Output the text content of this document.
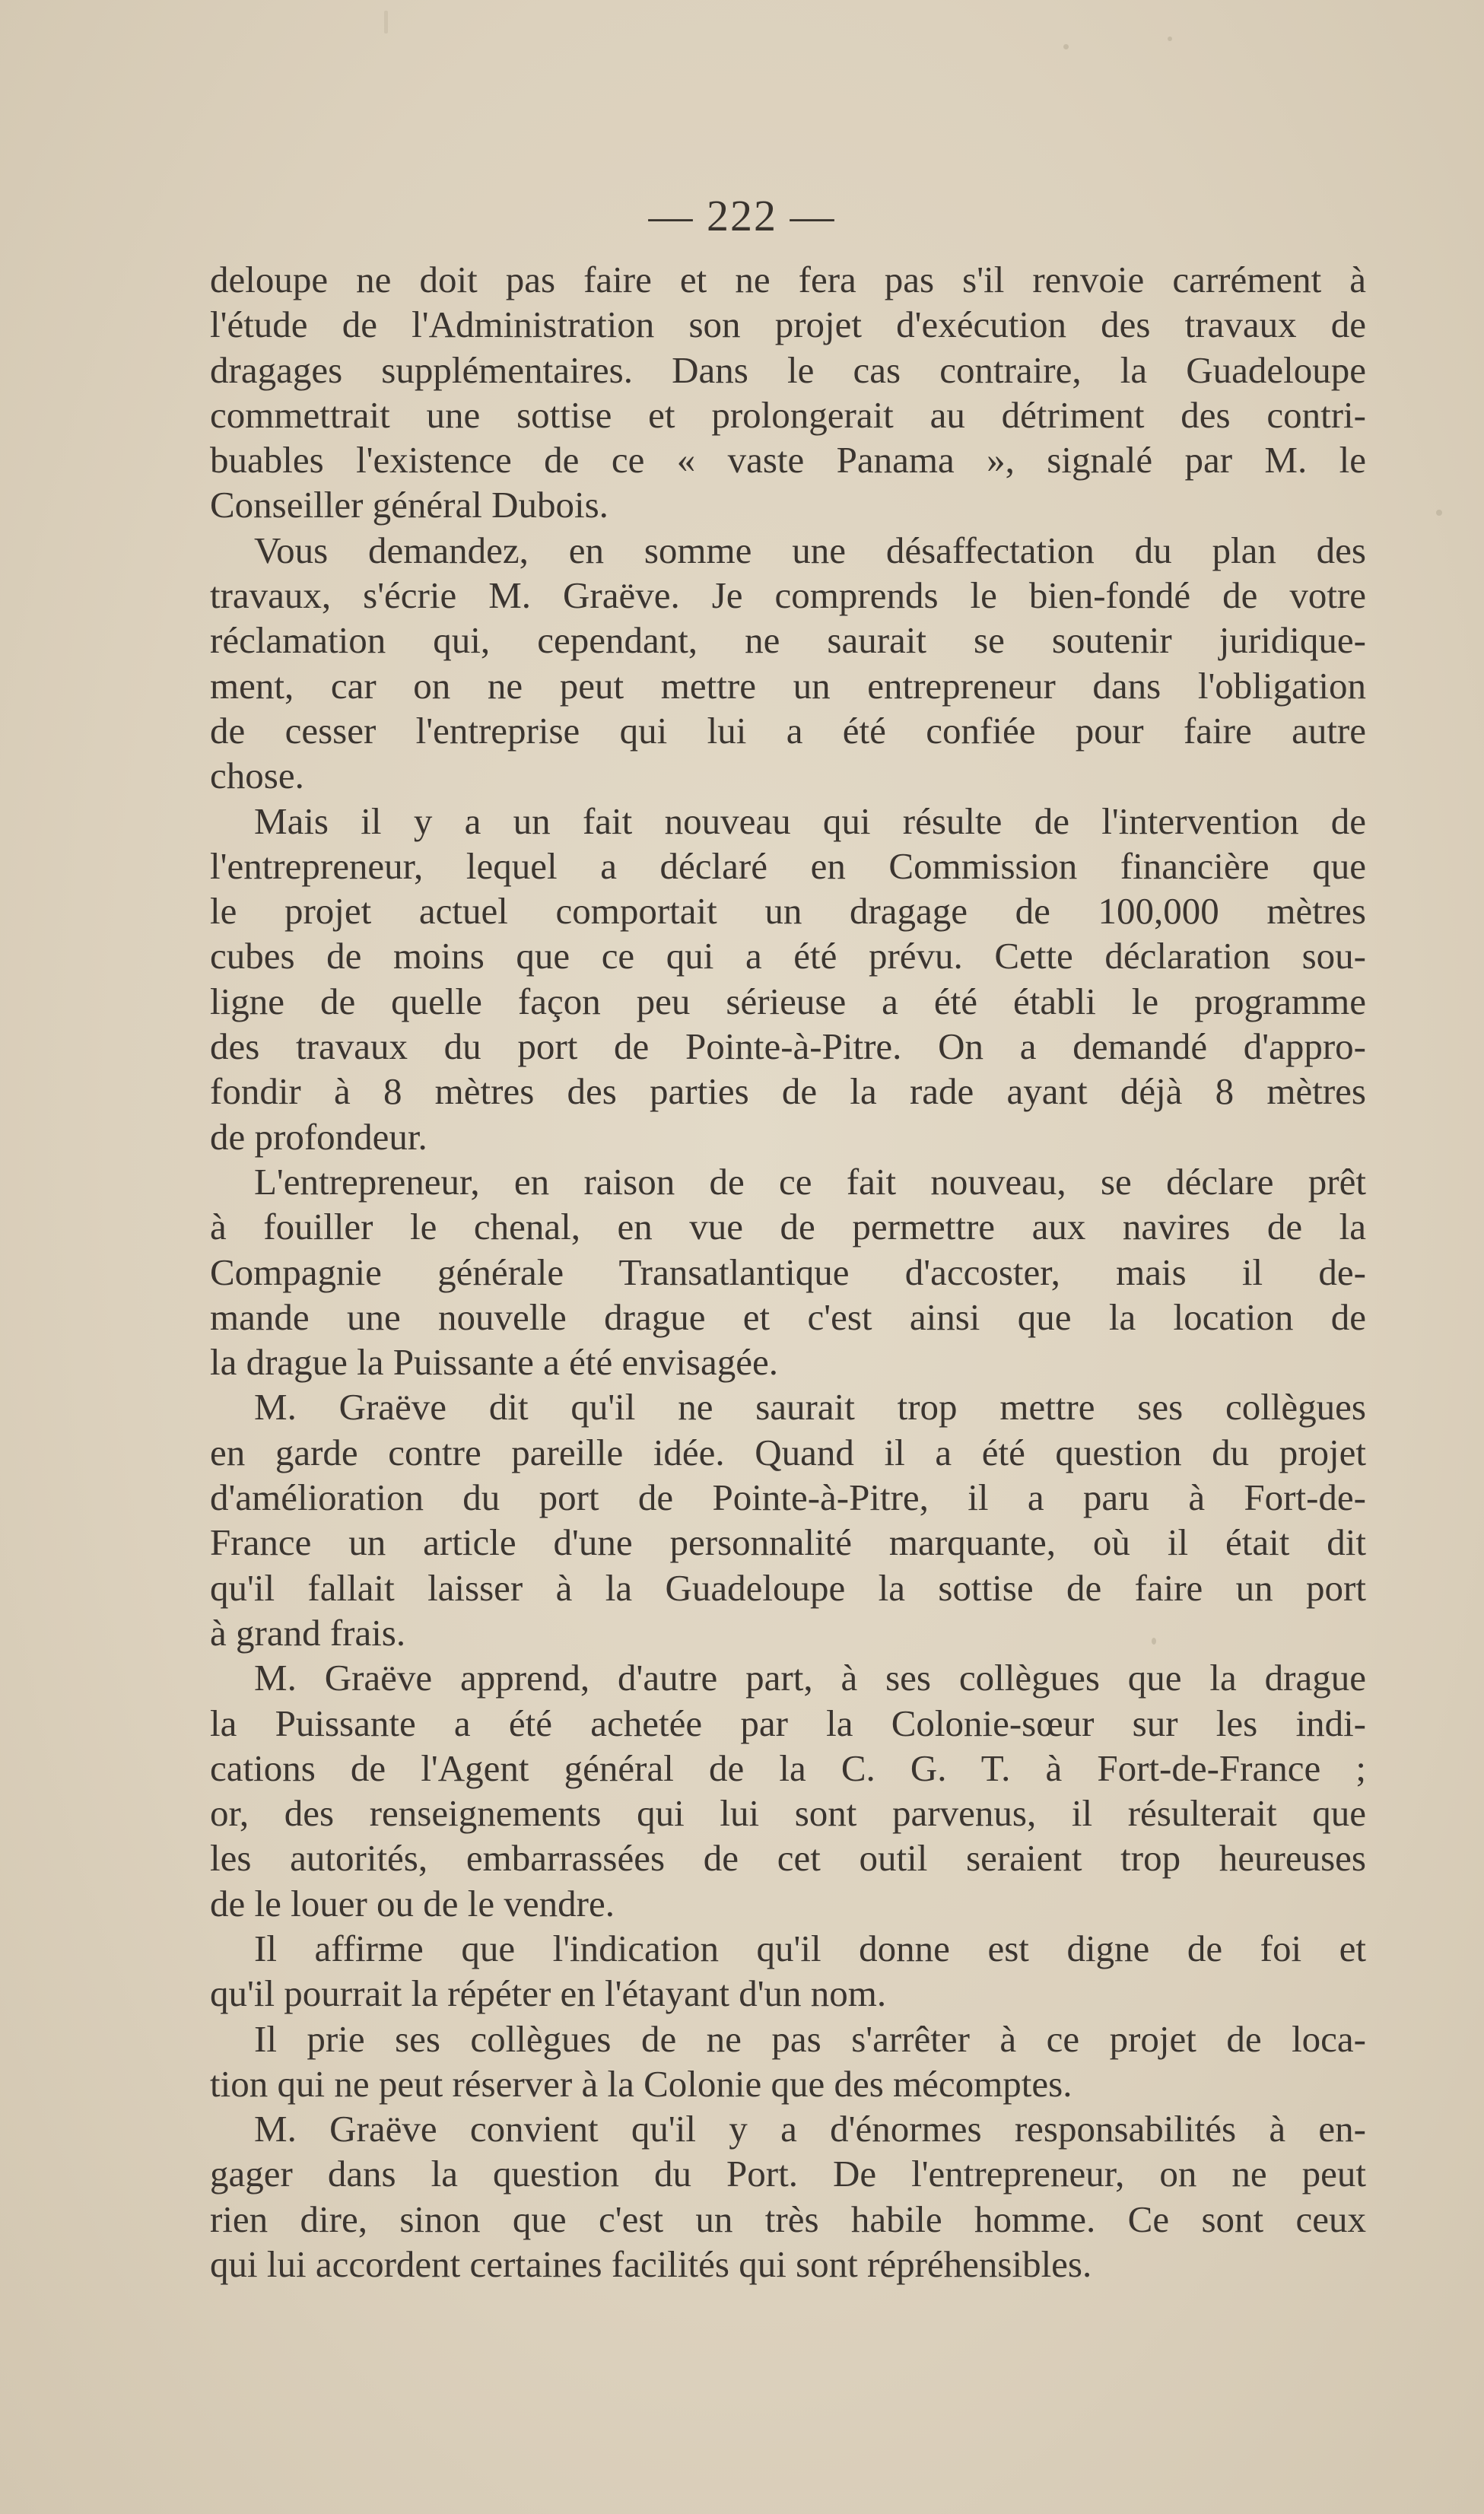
— 222 —
deloupe ne doit pas faire et ne fera pas s'il renvoie carrément à
l'étude de l'Administration son projet d'exécution des travaux de
dragages supplémentaires. Dans le cas contraire, la Guadeloupe
commettrait une sottise et prolongerait au détriment des contri-
buables l'existence de ce « vaste Panama », signalé par M. le
Conseiller général Dubois.
Vous demandez, en somme une désaffectation du plan des
travaux, s'écrie M. Graëve. Je comprends le bien-fondé de votre
réclamation qui, cependant, ne saurait se soutenir juridique-
ment, car on ne peut mettre un entrepreneur dans l'obligation
de cesser l'entreprise qui lui a été confiée pour faire autre
chose.
Mais il y a un fait nouveau qui résulte de l'intervention de
l'entrepreneur, lequel a déclaré en Commission financière que
le projet actuel comportait un dragage de 100,000 mètres
cubes de moins que ce qui a été prévu. Cette déclaration sou-
ligne de quelle façon peu sérieuse a été établi le programme
des travaux du port de Pointe-à-Pitre. On a demandé d'appro-
fondir à 8 mètres des parties de la rade ayant déjà 8 mètres
de profondeur.
L'entrepreneur, en raison de ce fait nouveau, se déclare prêt
à fouiller le chenal, en vue de permettre aux navires de la
Compagnie générale Transatlantique d'accoster, mais il de-
mande une nouvelle drague et c'est ainsi que la location de
la drague la Puissante a été envisagée.
M. Graëve dit qu'il ne saurait trop mettre ses collègues
en garde contre pareille idée. Quand il a été question du projet
d'amélioration du port de Pointe-à-Pitre, il a paru à Fort-de-
France un article d'une personnalité marquante, où il était dit
qu'il fallait laisser à la Guadeloupe la sottise de faire un port
à grand frais.
M. Graëve apprend, d'autre part, à ses collègues que la drague
la Puissante a été achetée par la Colonie-sœur sur les indi-
cations de l'Agent général de la C. G. T. à Fort-de-France ;
or, des renseignements qui lui sont parvenus, il résulterait que
les autorités, embarrassées de cet outil seraient trop heureuses
de le louer ou de le vendre.
Il affirme que l'indication qu'il donne est digne de foi et
qu'il pourrait la répéter en l'étayant d'un nom.
Il prie ses collègues de ne pas s'arrêter à ce projet de loca-
tion qui ne peut réserver à la Colonie que des mécomptes.
M. Graëve convient qu'il y a d'énormes responsabilités à en-
gager dans la question du Port. De l'entrepreneur, on ne peut
rien dire, sinon que c'est un très habile homme. Ce sont ceux
qui lui accordent certaines facilités qui sont répréhensibles.
